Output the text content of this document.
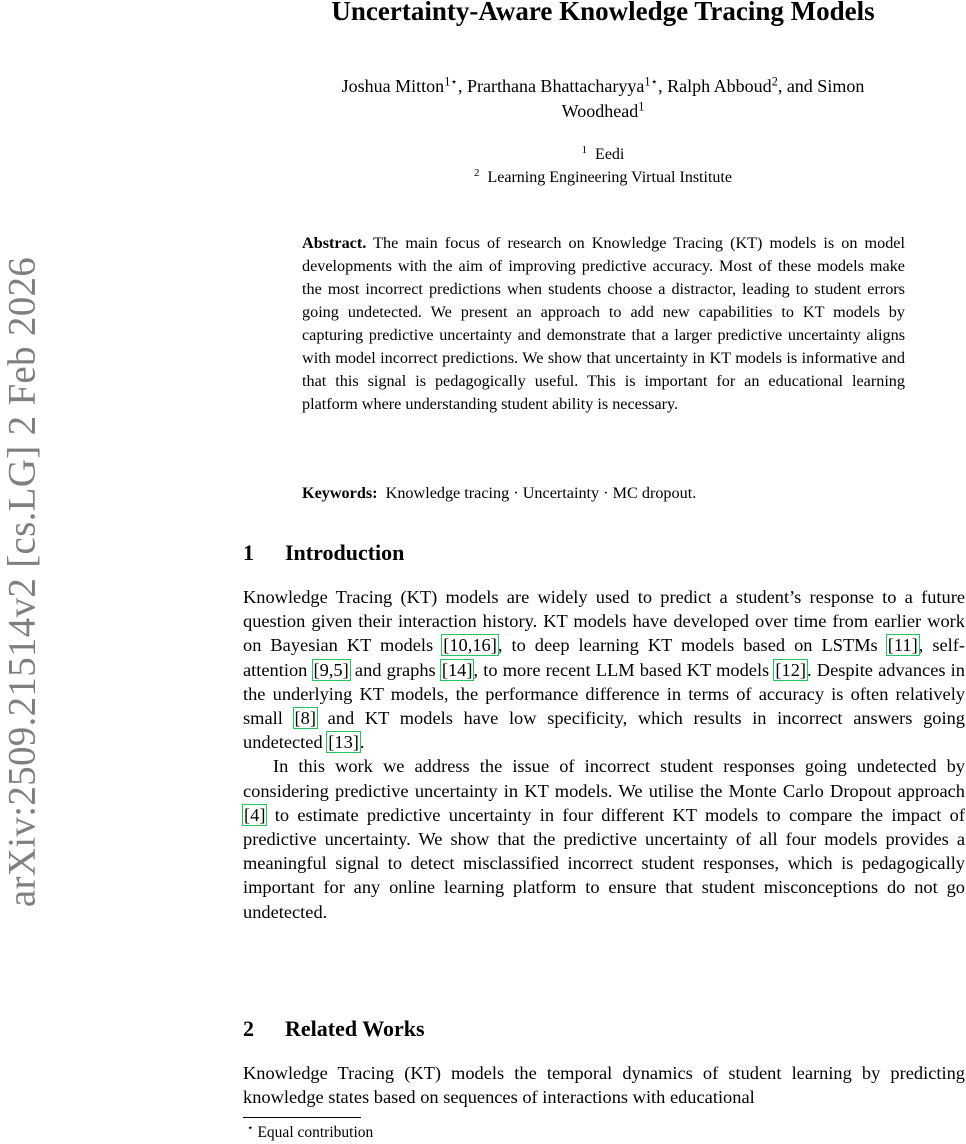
arXiv:2509.21514v2 [cs.LG] 2 Feb 2026
Uncertainty-Aware Knowledge Tracing Models
Joshua Mitton$^{1⋆}$, Prarthana Bhattacharyya$^{1⋆}$, Ralph Abboud$^2$, and Simon
Woodhead$^1$
$^1$ Eedi
$^2$ Learning Engineering Virtual Institute
Abstract. The main focus of research on Knowledge Tracing (KT) models is on model developments with the aim of improving predictive accuracy. Most of these models make the most incorrect predictions when students choose a distractor, leading to student errors going undetected. We present an approach to add new capabilities to KT models by capturing predictive uncertainty and demonstrate that a larger predictive uncertainty aligns with model incorrect predictions. We show that uncertainty in KT models is informative and that this signal is pedagogically useful. This is important for an educational learning platform where understanding student ability is necessary.
Keywords: Knowledge tracing · Uncertainty · MC dropout.
1 Introduction

Knowledge Tracing (KT) models are widely used to predict a student’s response to a future question given their interaction history. KT models have developed over time from earlier work on Bayesian KT models [10,16], to deep learning KT models based on LSTMs [11], self-attention [9,5] and graphs [14], to more recent LLM based KT models [12]. Despite advances in the underlying KT models, the performance difference in terms of accuracy is often relatively small [8] and KT models have low specificity, which results in incorrect answers going undetected [13].

In this work we address the issue of incorrect student responses going undetected by considering predictive uncertainty in KT models. We utilise the Monte Carlo Dropout approach [4] to estimate predictive uncertainty in four different KT models to compare the impact of predictive uncertainty. We show that the predictive uncertainty of all four models provides a meaningful signal to detect misclassified incorrect student responses, which is pedagogically important for any online learning platform to ensure that student misconceptions do not go undetected.

2 Related Works

Knowledge Tracing (KT) models the temporal dynamics of student learning by predicting knowledge states based on sequences of interactions with educational

⋆ Equal contribution
